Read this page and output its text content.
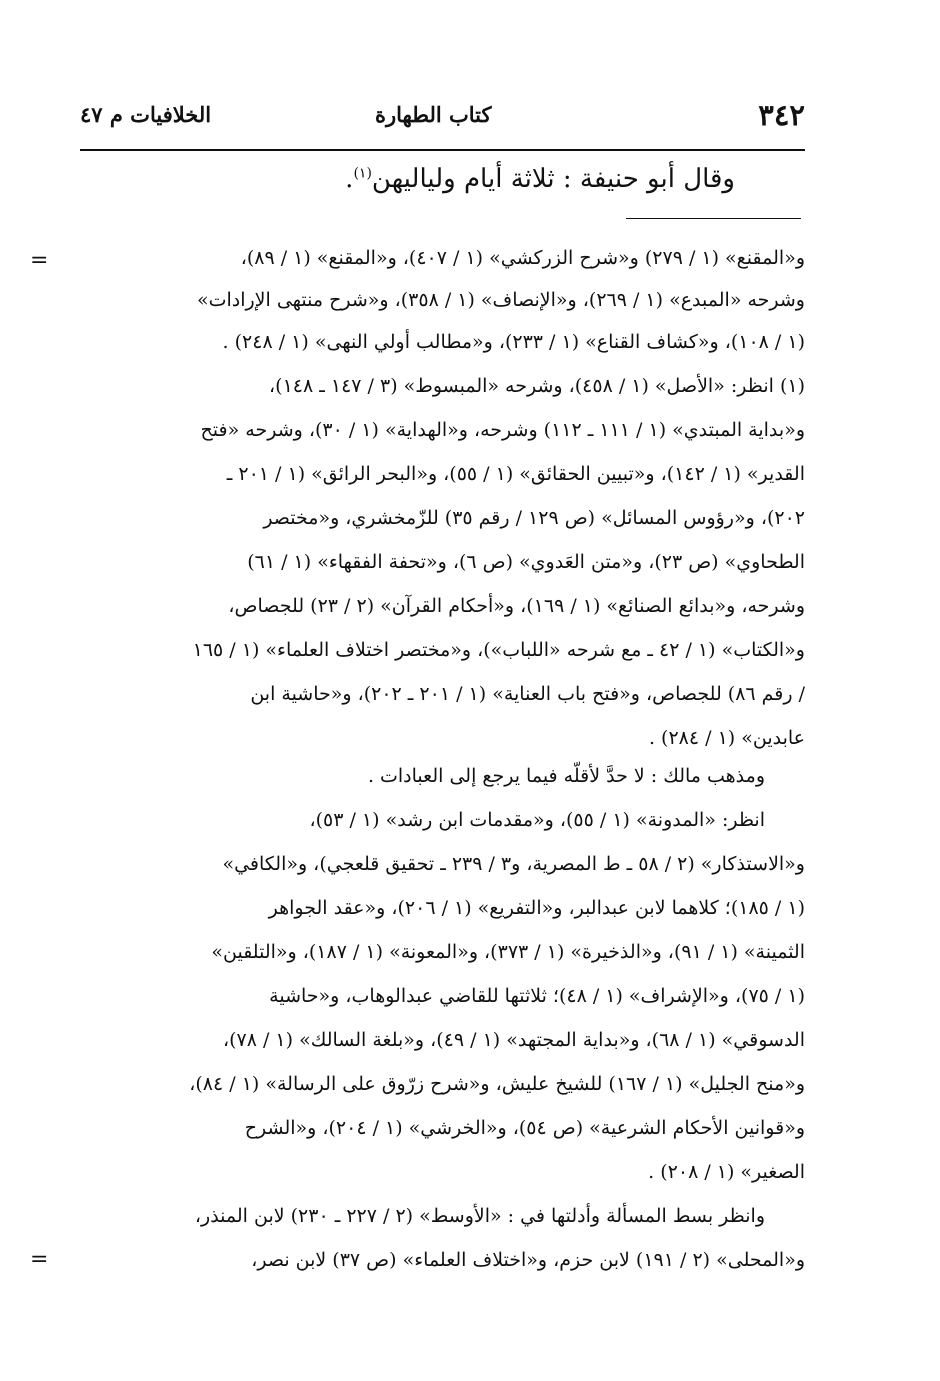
٣٤٢
كتاب الطهارة
الخلافيات م ٤٧
وقال أبو حنيفة : ثلاثة أيام ولياليهن$^{(١)}$.
=
=
و«المقنع» (١ / ٢٧٩) و«شرح الزركشي» (١ / ٤٠٧)، و«المقنع» (١ / ٨٩)،
وشرحه «المبدع» (١ / ٢٦٩)، و«الإنصاف» (١ / ٣٥٨)، و«شرح منتهى الإرادات»
(١ / ١٠٨)، و«كشاف القناع» (١ / ٢٣٣)، و«مطالب أولي النهى» (١ / ٢٤٨) .
(١) انظر: «الأصل» (١ / ٤٥٨)، وشرحه «المبسوط» (٣ / ١٤٧ ـ ١٤٨)،
و«بداية المبتدي» (١ / ١١١ ـ ١١٢) وشرحه، و«الهداية» (١ / ٣٠)، وشرحه «فتح
القدير» (١ / ١٤٢)، و«تبيين الحقائق» (١ / ٥٥)، و«البحر الرائق» (١ / ٢٠١ ـ
٢٠٢)، و«رؤوس المسائل» (ص ١٢٩ / رقم ٣٥) للزّمخشري، و«مختصر
الطحاوي» (ص ٢٣)، و«متن العَدوي» (ص ٦)، و«تحفة الفقهاء» (١ / ٦١)
وشرحه، و«بدائع الصنائع» (١ / ١٦٩)، و«أحكام القرآن» (٢ / ٢٣) للجصاص،
و«الكتاب» (١ / ٤٢ ـ مع شرحه «اللباب»)، و«مختصر اختلاف العلماء» (١ / ١٦٥
/ رقم ٨٦) للجصاص، و«فتح باب العناية» (١ / ٢٠١ ـ ٢٠٢)، و«حاشية ابن
عابدين» (١ / ٢٨٤) .
ومذهب مالك : لا حدَّ لأقلّه فيما يرجع إلى العبادات .
انظر: «المدونة» (١ / ٥٥)، و«مقدمات ابن رشد» (١ / ٥٣)،
و«الاستذكار» (٢ / ٥٨ ـ ط المصرية، و٣ / ٢٣٩ ـ تحقيق قلعجي)، و«الكافي»
(١ / ١٨٥)؛ كلاهما لابن عبدالبر، و«التفريع» (١ / ٢٠٦)، و«عقد الجواهر
الثمينة» (١ / ٩١)، و«الذخيرة» (١ / ٣٧٣)، و«المعونة» (١ / ١٨٧)، و«التلقين»
(١ / ٧٥)، و«الإشراف» (١ / ٤٨)؛ ثلاثتها للقاضي عبدالوهاب، و«حاشية
الدسوقي» (١ / ٦٨)، و«بداية المجتهد» (١ / ٤٩)، و«بلغة السالك» (١ / ٧٨)،
و«منح الجليل» (١ / ١٦٧) للشيخ عليش، و«شرح زرّوق على الرسالة» (١ / ٨٤)،
و«قوانين الأحكام الشرعية» (ص ٥٤)، و«الخرشي» (١ / ٢٠٤)، و«الشرح
الصغير» (١ / ٢٠٨) .
وانظر بسط المسألة وأدلتها في : «الأوسط» (٢ / ٢٢٧ ـ ٢٣٠) لابن المنذر،
و«المحلى» (٢ / ١٩١) لابن حزم، و«اختلاف العلماء» (ص ٣٧) لابن نصر،
